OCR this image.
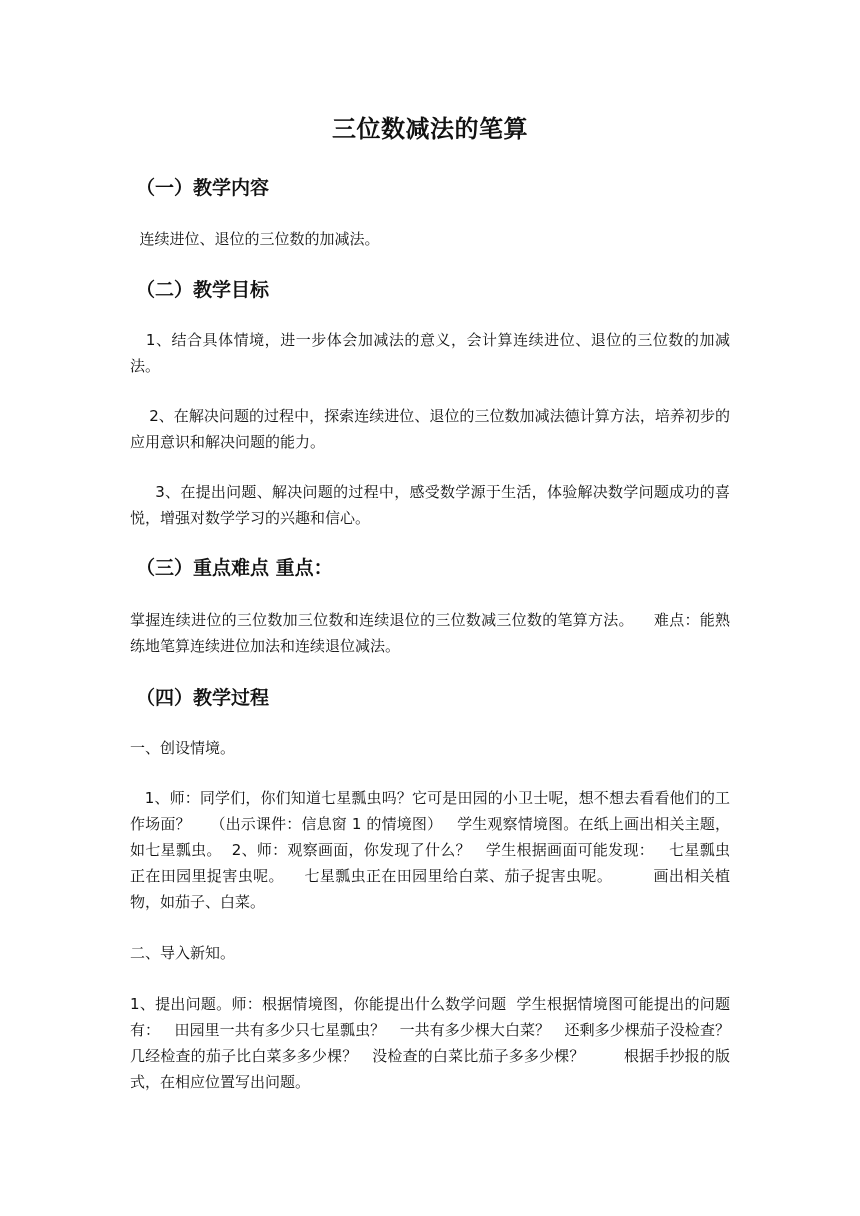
三位数减法的笔算
（一）教学内容
连续进位、退位的三位数的加减法。
（二）教学目标
1、结合具体情境，进一步体会加减法的意义，会计算连续进位、退位的三位数的加减法。
2、在解决问题的过程中，探索连续进位、退位的三位数加减法德计算方法，培养初步的应用意识和解决问题的能力。
3、在提出问题、解决问题的过程中，感受数学源于生活，体验解决数学问题成功的喜悦，增强对数学学习的兴趣和信心。
（三）重点难点 重点：
掌握连续进位的三位数加三位数和连续退位的三位数减三位数的笔算方法。    难点：能熟练地笔算连续进位加法和连续退位减法。
（四）教学过程
一、创设情境。
1、师：同学们，你们知道七星瓢虫吗？它可是田园的小卫士呢，想不想去看看他们的工作场面？    （出示课件：信息窗 1 的情境图）   学生观察情境图。在纸上画出相关主题，如七星瓢虫。  2、师：观察画面，你发现了什么？   学生根据画面可能发现：   七星瓢虫正在田园里捉害虫呢。    七星瓢虫正在田园里给白菜、茄子捉害虫呢。        画出相关植物，如茄子、白菜。
二、导入新知。
1、提出问题。师：根据情境图，你能提出什么数学问题  学生根据情境图可能提出的问题有：   田园里一共有多少只七星瓢虫？   一共有多少棵大白菜？   还剩多少棵茄子没检查？     几经检查的茄子比白菜多多少棵？   没检查的白菜比茄子多多少棵？        根据手抄报的版式，在相应位置写出问题。
